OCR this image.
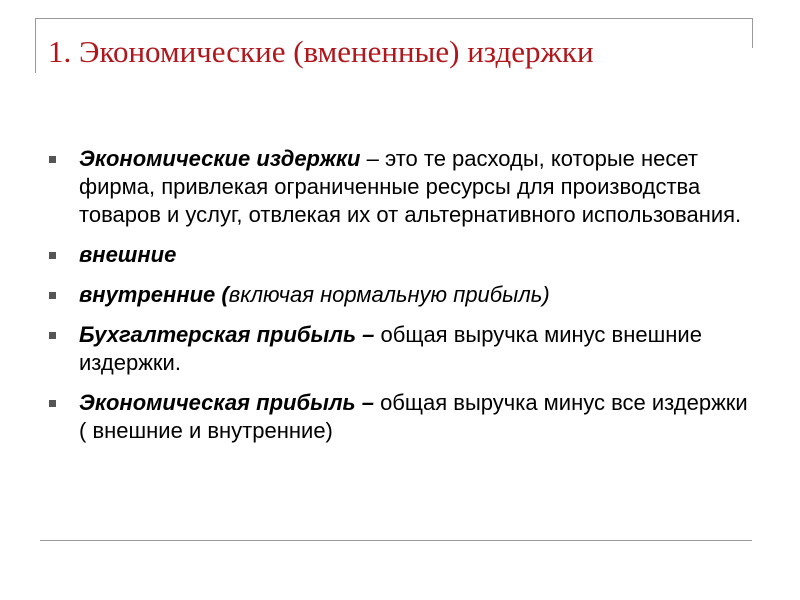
1. Экономические (вмененные) издержки
Экономические издержки – это те расходы, которые несет фирма, привлекая ограниченные ресурсы для производства товаров и услуг, отвлекая их от альтернативного использования.
внешние
внутренние (включая нормальную прибыль)
Бухгалтерская прибыль – общая выручка минус внешние издержки.
Экономическая прибыль – общая выручка минус все издержки ( внешние и внутренние)
